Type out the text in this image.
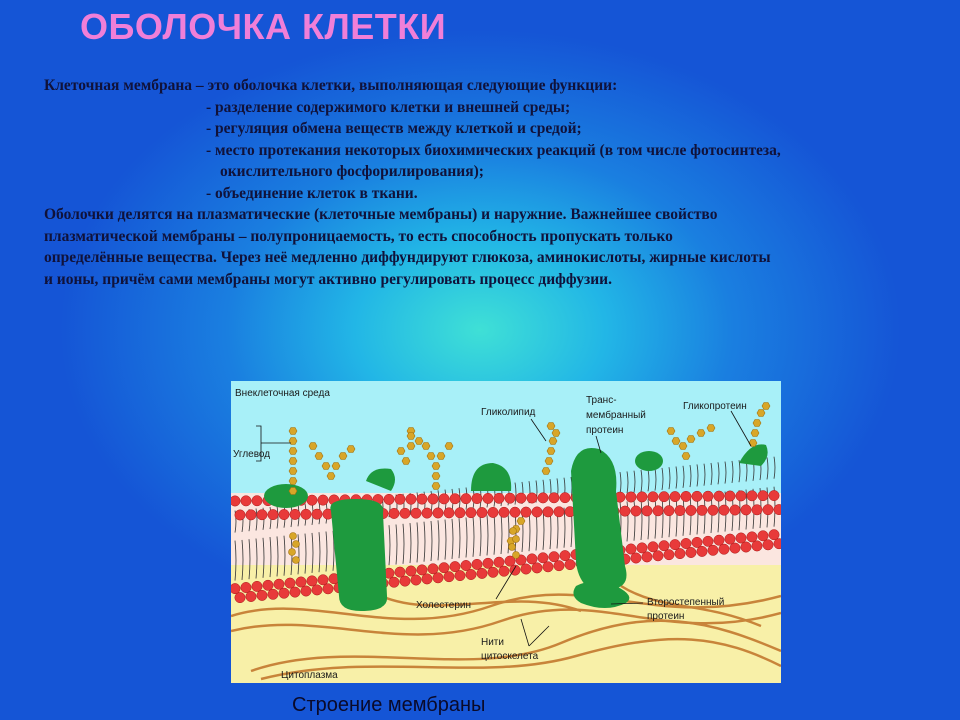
ОБОЛОЧКА КЛЕТКИ

Клеточная мембрана – это оболочка клетки, выполняющая следующие функции:

- разделение содержимого клетки и внешней среды;

- регуляция обмена веществ между клеткой и средой;

- место протекания некоторых биохимических реакций (в том числе фотосинтеза,

окислительного фосфорилирования);

- объединение клеток в ткани.

Оболочки делятся на плазматические (клеточные мембраны) и наружние. Важнейшее свойство

плазматической мембраны – полупроницаемость, то есть способность пропускать только

определённые вещества. Через неё медленно диффундируют глюкоза, аминокислоты, жирные кислоты

и ионы, причём сами мембраны могут активно регулировать процесс диффузии.

Внеклеточная среда
Углевод
Гликолипид
Транс-
мембранный
протеин
Гликопротеин
Холестерин	Второстепенный
протеин
Нити
цитоскелета
Цитоплазма
Строение мембраны
